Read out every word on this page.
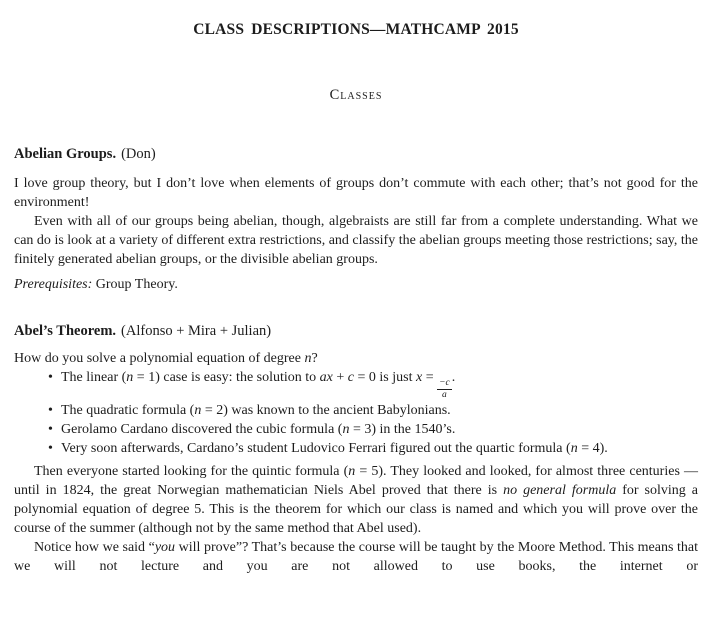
CLASS DESCRIPTIONS—MATHCAMP 2015
Classes
Abelian Groups. (Don)

I love group theory, but I don’t love when elements of groups don’t commute with each other; that’s not good for the environment!

Even with all of our groups being abelian, though, algebraists are still far from a complete understanding. What we can do is look at a variety of different extra restrictions, and classify the abelian groups meeting those restrictions; say, the finitely generated abelian groups, or the divisible abelian groups.

Prerequisites: Group Theory.

Abel’s Theorem. (Alfonso + Mira + Julian)

How do you solve a polynomial equation of degree n?

• The linear (n = 1) case is easy: the solution to ax + c = 0 is just x =
$\frac{-c}{a}$
.
• The quadratic formula (n = 2) was known to the ancient Babylonians.
• Gerolamo Cardano discovered the cubic formula (n = 3) in the 1540’s.
• Very soon afterwards, Cardano’s student Ludovico Ferrari figured out the quartic formula (n = 4).

Then everyone started looking for the quintic formula (n = 5). They looked and looked, for almost three centuries — until in 1824, the great Norwegian mathematician Niels Abel proved that there is no general formula for solving a polynomial equation of degree 5. This is the theorem for which our class is named and which you will prove over the course of the summer (although not by the same method that Abel used).

Notice how we said “you will prove”? That’s because the course will be taught by the Moore Method. This means that we will not lecture and you are not allowed to use books, the internet or
